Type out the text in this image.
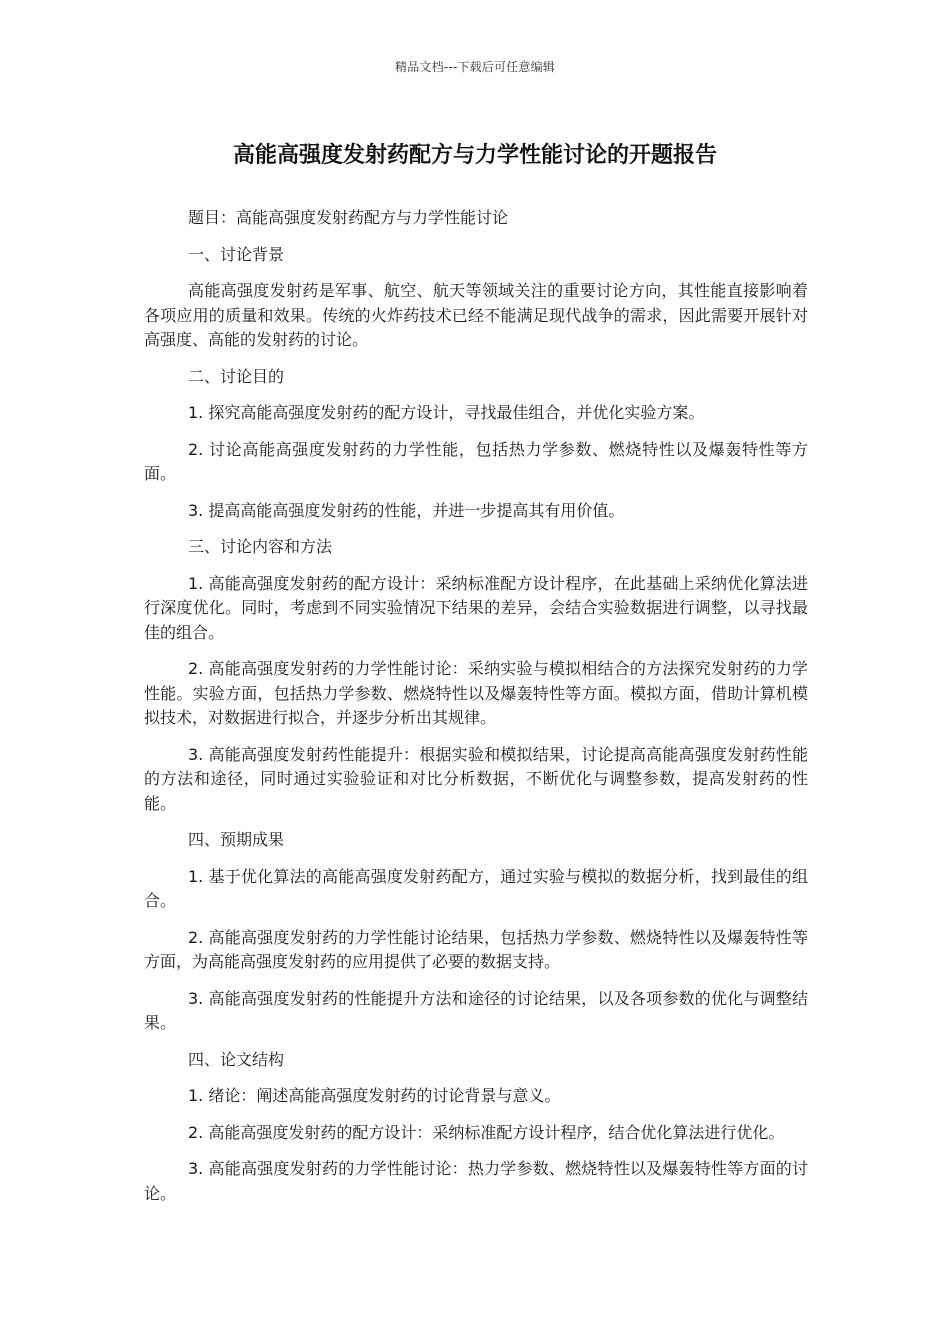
精品文档---下载后可任意编辑
高能高强度发射药配方与力学性能讨论的开题报告

题目：高能高强度发射药配方与力学性能讨论

一、讨论背景

高能高强度发射药是军事、航空、航天等领域关注的重要讨论方向，其性能直接影响着各项应用的质量和效果。传统的火炸药技术已经不能满足现代战争的需求，因此需要开展针对高强度、高能的发射药的讨论。

二、讨论目的

1. 探究高能高强度发射药的配方设计，寻找最佳组合，并优化实验方案。

2. 讨论高能高强度发射药的力学性能，包括热力学参数、燃烧特性以及爆轰特性等方面。

3. 提高高能高强度发射药的性能，并进一步提高其有用价值。

三、讨论内容和方法

1. 高能高强度发射药的配方设计：采纳标准配方设计程序，在此基础上采纳优化算法进行深度优化。同时，考虑到不同实验情况下结果的差异，会结合实验数据进行调整，以寻找最佳的组合。

2. 高能高强度发射药的力学性能讨论：采纳实验与模拟相结合的方法探究发射药的力学性能。实验方面，包括热力学参数、燃烧特性以及爆轰特性等方面。模拟方面，借助计算机模拟技术，对数据进行拟合，并逐步分析出其规律。

3. 高能高强度发射药性能提升：根据实验和模拟结果，讨论提高高能高强度发射药性能的方法和途径，同时通过实验验证和对比分析数据，不断优化与调整参数，提高发射药的性能。

四、预期成果

1. 基于优化算法的高能高强度发射药配方，通过实验与模拟的数据分析，找到最佳的组合。

2. 高能高强度发射药的力学性能讨论结果，包括热力学参数、燃烧特性以及爆轰特性等方面，为高能高强度发射药的应用提供了必要的数据支持。

3. 高能高强度发射药的性能提升方法和途径的讨论结果，以及各项参数的优化与调整结果。

四、论文结构

1. 绪论：阐述高能高强度发射药的讨论背景与意义。

2. 高能高强度发射药的配方设计：采纳标准配方设计程序，结合优化算法进行优化。

3. 高能高强度发射药的力学性能讨论：热力学参数、燃烧特性以及爆轰特性等方面的讨论。
